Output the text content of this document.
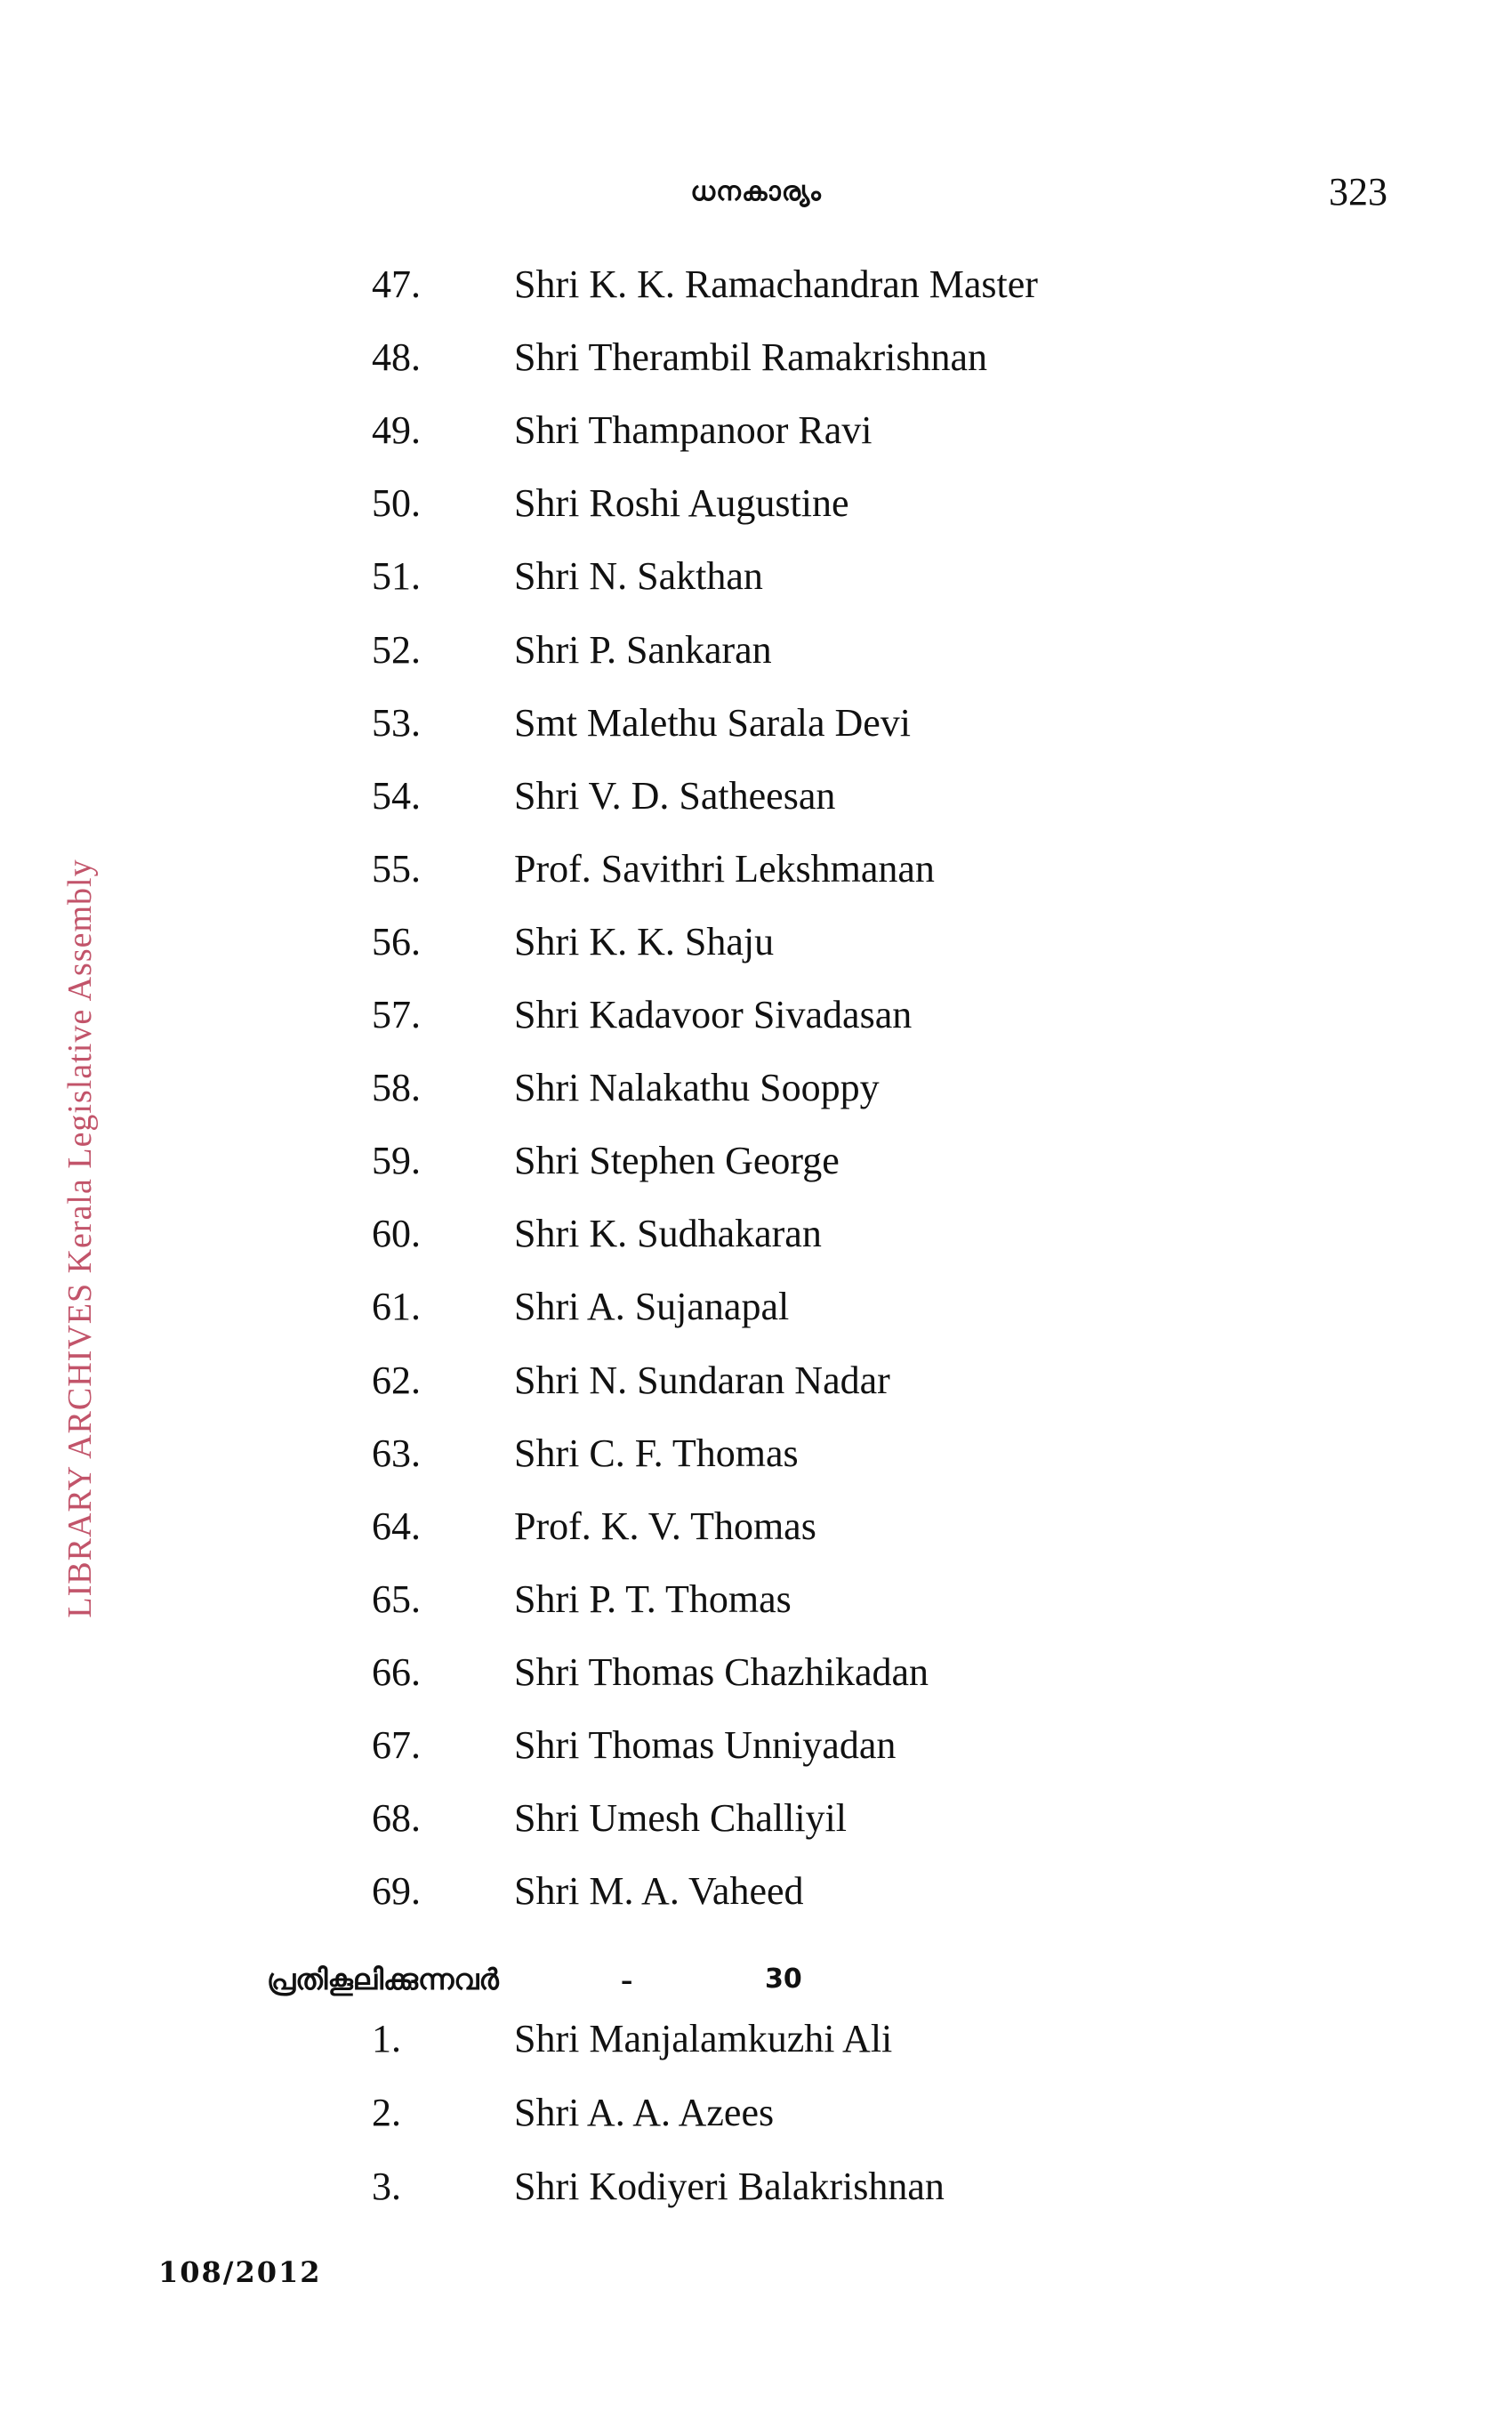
ധനകാര്യം	323
LIBRARY ARCHIVES Kerala Legislative Assembly
47. Shri K. K. Ramachandran Master
48. Shri Therambil Ramakrishnan
49. Shri Thampanoor Ravi
50. Shri Roshi Augustine
51. Shri N. Sakthan
52. Shri P. Sankaran
53. Smt Malethu Sarala Devi
54. Shri V. D. Satheesan
55. Prof. Savithri Lekshmanan
56. Shri K. K. Shaju
57. Shri Kadavoor Sivadasan
58. Shri Nalakathu Sooppy
59. Shri Stephen George
60. Shri K. Sudhakaran
61. Shri A. Sujanapal
62. Shri N. Sundaran Nadar
63. Shri C. F. Thomas
64. Prof. K. V. Thomas
65. Shri P. T. Thomas
66. Shri Thomas Chazhikadan
67. Shri Thomas Unniyadan
68. Shri Umesh Challiyil
69. Shri M. A. Vaheed
പ്രതികൂലിക്കുന്നവർ	-	30
1.	Shri Manjalamkuzhi Ali
2.	Shri A. A. Azees
3.	Shri Kodiyeri Balakrishnan
108/2012
